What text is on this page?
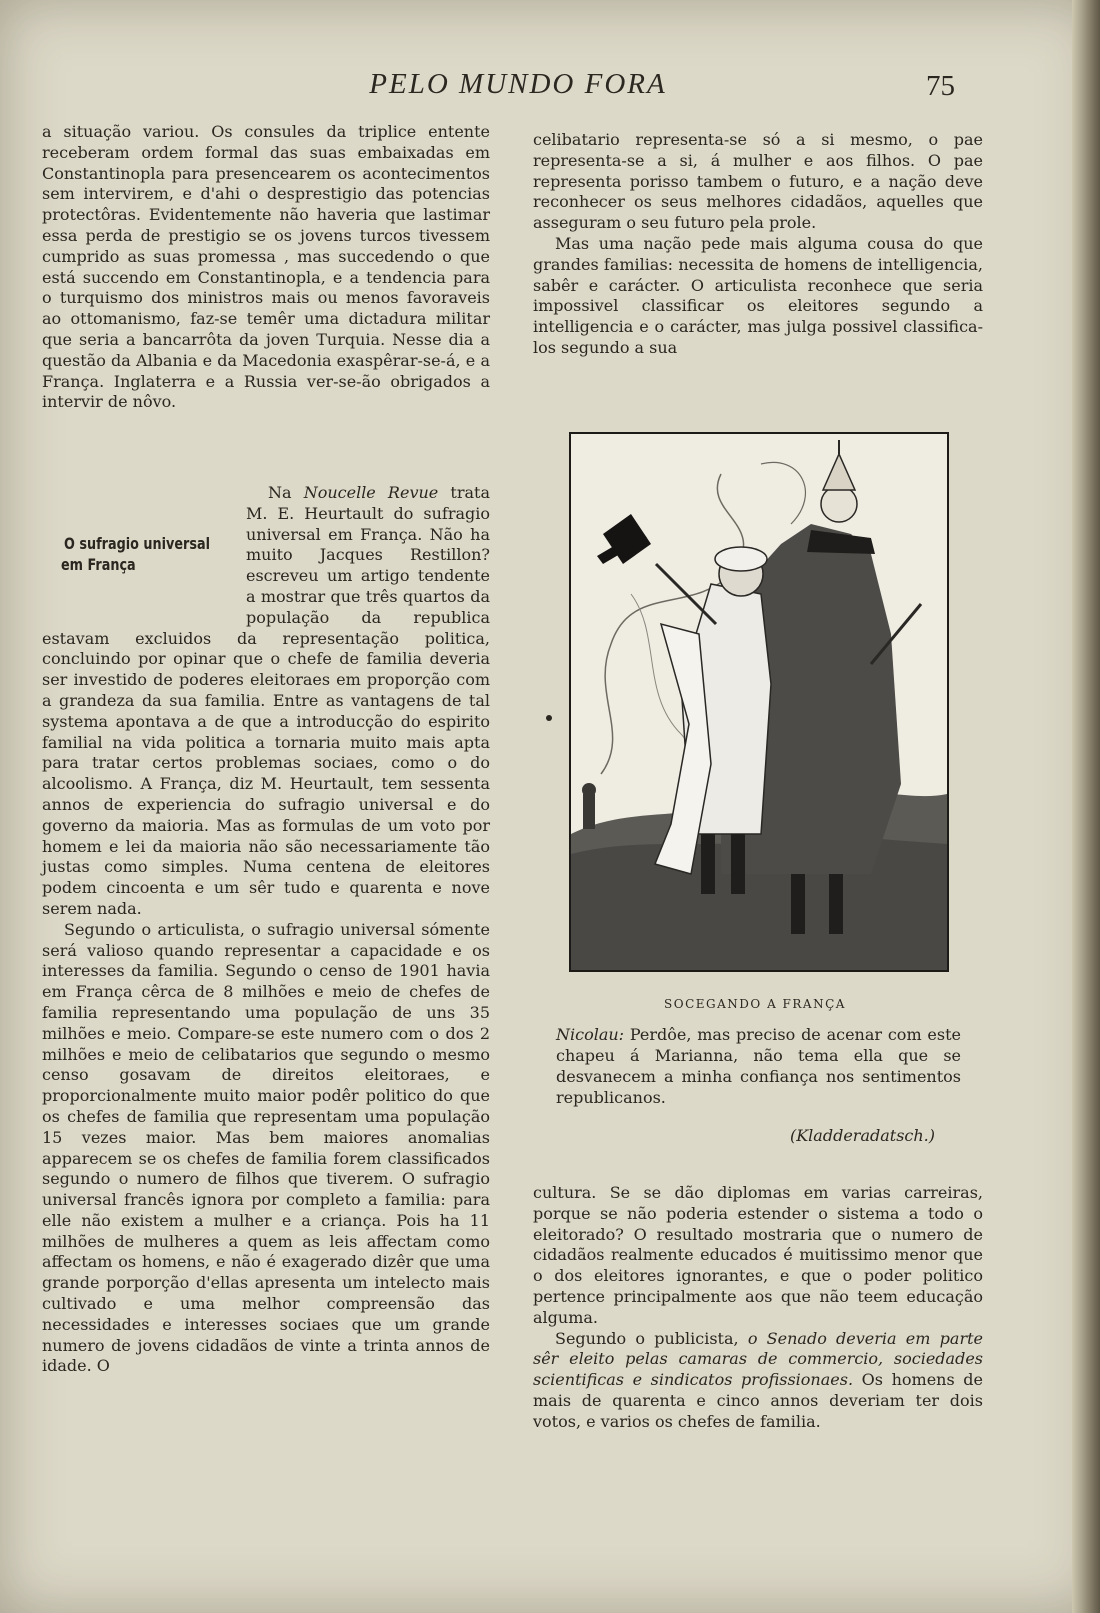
PELO MUNDO FORA	75

a situação variou. Os consules da triplice entente receberam ordem formal das suas embaixadas em Constantinopla para presencearem os acontecimentos sem intervirem, e d'ahi o desprestigio das potencias protectôras. Evidentemente não haveria que lastimar essa perda de prestigio se os jovens turcos tivessem cumprido as suas promessa , mas succedendo o que está succendo em Constantinopla, e a tendencia para o turquismo dos ministros mais ou menos favoraveis ao ottomanismo, faz-se temêr uma dictadura militar que seria a bancarrôta da joven Turquia. Nesse dia a questão da Albania e da Macedonia exaspêrar-se-á, e a França. Inglaterra e a Russia ver-se-ão obrigados a intervir de nôvo.

O sufragio universal em França

Na Noucelle Revue trata M. E. Heurtault do sufragio universal em França. Não ha muito Jacques Restillon? escreveu um artigo tendente a mostrar que três quartos da população da republica estavam excluidos da representação politica, concluindo por opinar que o chefe de familia deveria ser investido de poderes eleitoraes em proporção com a grandeza da sua familia. Entre as vantagens de tal systema apontava a de que a introducção do espirito familial na vida politica a tornaria muito mais apta para tratar certos problemas sociaes, como o do alcoolismo. A França, diz M. Heurtault, tem sessenta annos de experiencia do sufragio universal e do governo da maioria. Mas as formulas de um voto por homem e lei da maioria não são necessariamente tão justas como simples. Numa centena de eleitores podem cincoenta e um sêr tudo e quarenta e nove serem nada.

Segundo o articulista, o sufragio universal sómente será valioso quando representar a capacidade e os interesses da familia. Segundo o censo de 1901 havia em França cêrca de 8 milhões e meio de chefes de familia representando uma população de uns 35 milhões e meio. Compare-se este numero com o dos 2 milhões e meio de celibatarios que segundo o mesmo censo gosavam de direitos eleitoraes, e proporcionalmente muito maior podêr politico do que os chefes de familia que representam uma população 15 vezes maior. Mas bem maiores anomalias apparecem se os chefes de familia forem classificados segundo o numero de filhos que tiverem. O sufragio universal francês ignora por completo a familia: para elle não existem a mulher e a criança. Pois ha 11 milhões de mulheres a quem as leis affectam como affectam os homens, e não é exagerado dizêr que uma grande porporção d'ellas apresenta um intelecto mais cultivado e uma melhor compreensão das necessidades e interesses sociaes que um grande numero de jovens cidadãos de vinte a trinta annos de idade. O

celibatario representa-se só a si mesmo, o pae representa-se a si, á mulher e aos filhos. O pae representa porisso tambem o futuro, e a nação deve reconhecer os seus melhores cidadãos, aquelles que asseguram o seu futuro pela prole.

Mas uma nação pede mais alguma cousa do que grandes familias: necessita de homens de intelligencia, sabêr e carácter. O articulista reconhece que seria impossivel classificar os eleitores segundo a intelligencia e o carácter, mas julga possivel classifica-los segundo a sua

SOCEGANDO A FRANÇA
Nicolau: Perdôe, mas preciso de acenar com este chapeu á Marianna, não tema ella que se desvanecem a minha confiança nos sentimentos republicanos.
(Kladderadatsch.)

cultura. Se se dão diplomas em varias carreiras, porque se não poderia estender o sistema a todo o eleitorado? O resultado mostraria que o numero de cidadãos realmente educados é muitissimo menor que o dos eleitores ignorantes, e que o poder politico pertence principalmente aos que não teem educação alguma.

Segundo o publicista, o Senado deveria em parte sêr eleito pelas camaras de commercio, sociedades scientificas e sindicatos profissionaes. Os homens de mais de quarenta e cinco annos deveriam ter dois votos, e varios os chefes de familia.
